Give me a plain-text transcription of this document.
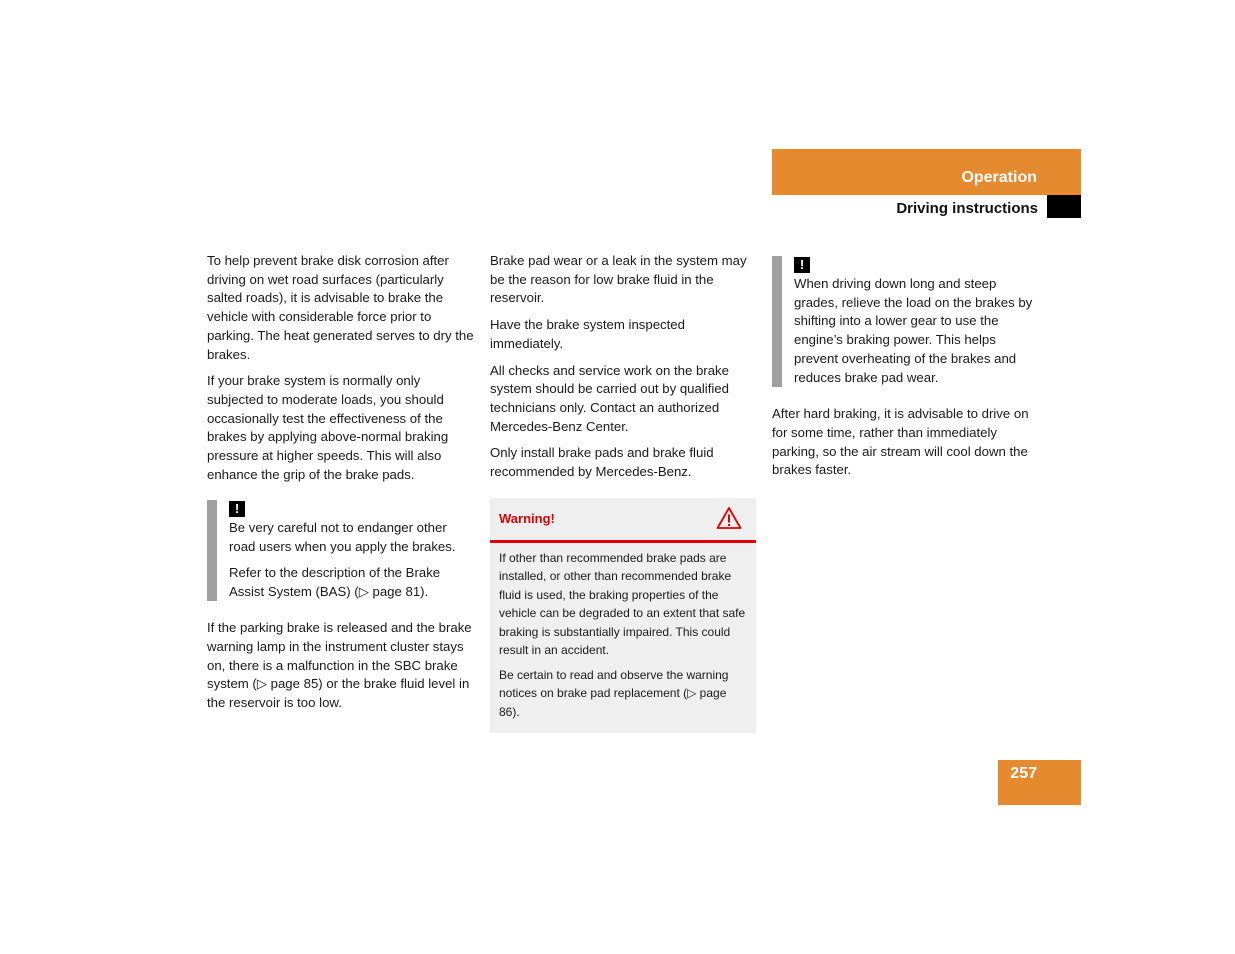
Operation
Driving instructions

To help prevent brake disk corrosion after driving on wet road surfaces (particularly salted roads), it is advisable to brake the vehicle with considerable force prior to parking. The heat generated serves to dry the brakes.

If your brake system is normally only subjected to moderate loads, you should occasionally test the effectiveness of the brakes by applying above-normal braking pressure at higher speeds. This will also enhance the grip of the brake pads.

!

Be very careful not to endanger other road users when you apply the brakes.

Refer to the description of the Brake Assist System (BAS) (▷ page 81).

If the parking brake is released and the brake warning lamp in the instrument cluster stays on, there is a malfunction in the SBC brake system (▷ page 85) or the brake fluid level in the reservoir is too low.

Brake pad wear or a leak in the system may be the reason for low brake fluid in the reservoir.

Have the brake system inspected immediately.

All checks and service work on the brake system should be carried out by qualified technicians only. Contact an authorized Mercedes-Benz Center.

Only install brake pads and brake fluid recommended by Mercedes-Benz.

Warning!

If other than recommended brake pads are installed, or other than recommended brake fluid is used, the braking properties of the vehicle can be degraded to an extent that safe braking is substantially impaired. This could result in an accident.

Be certain to read and observe the warning notices on brake pad replacement (▷ page 86).

!

When driving down long and steep grades, relieve the load on the brakes by shifting into a lower gear to use the engine’s braking power. This helps prevent overheating of the brakes and reduces brake pad wear.

After hard braking, it is advisable to drive on for some time, rather than immediately parking, so the air stream will cool down the brakes faster.

257
